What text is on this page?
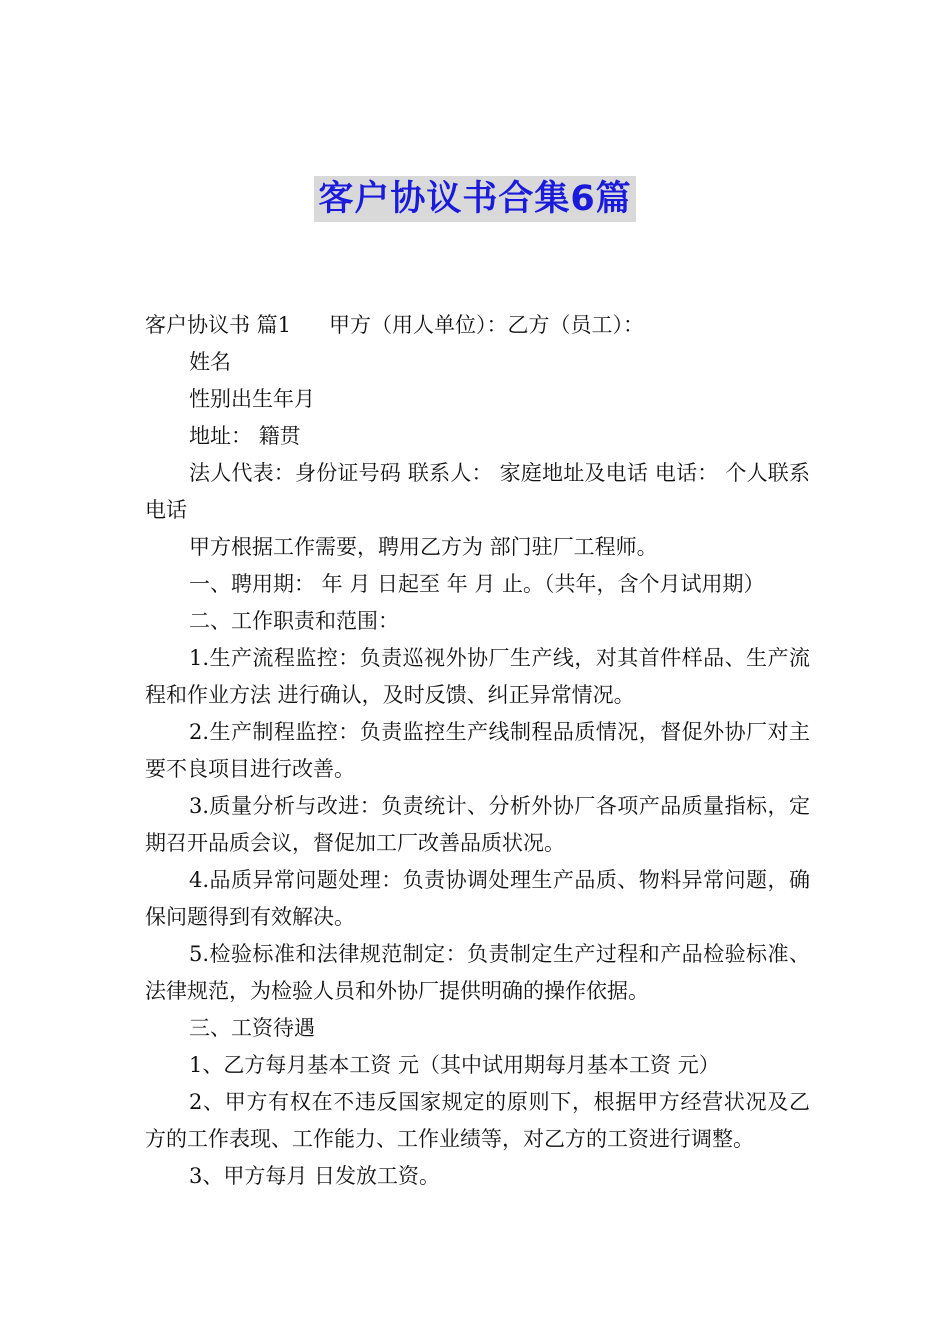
客户协议书合集6篇

客户协议书 篇1 甲方（用人单位）：乙方（员工）：

姓名

性别出生年月

地址： 籍贯

法人代表：身份证号码 联系人： 家庭地址及电话 电话： 个人联系电话

甲方根据工作需要，聘用乙方为 部门驻厂工程师。

一、聘用期： 年 月 日起至 年 月 止。（共年，含个月试用期）

二、工作职责和范围：

1.生产流程监控：负责巡视外协厂生产线，对其首件样品、生产流程和作业方法 进行确认，及时反馈、纠正异常情况。

2.生产制程监控：负责监控生产线制程品质情况，督促外协厂对主要不良项目进行改善。

3.质量分析与改进：负责统计、分析外协厂各项产品质量指标，定期召开品质会议，督促加工厂改善品质状况。

4.品质异常问题处理：负责协调处理生产品质、物料异常问题，确保问题得到有效解决。

5.检验标准和法律规范制定：负责制定生产过程和产品检验标准、法律规范，为检验人员和外协厂提供明确的操作依据。

三、工资待遇

1、乙方每月基本工资 元（其中试用期每月基本工资 元）

2、甲方有权在不违反国家规定的原则下，根据甲方经营状况及乙方的工作表现、工作能力、工作业绩等，对乙方的工资进行调整。

3、甲方每月 日发放工资。
